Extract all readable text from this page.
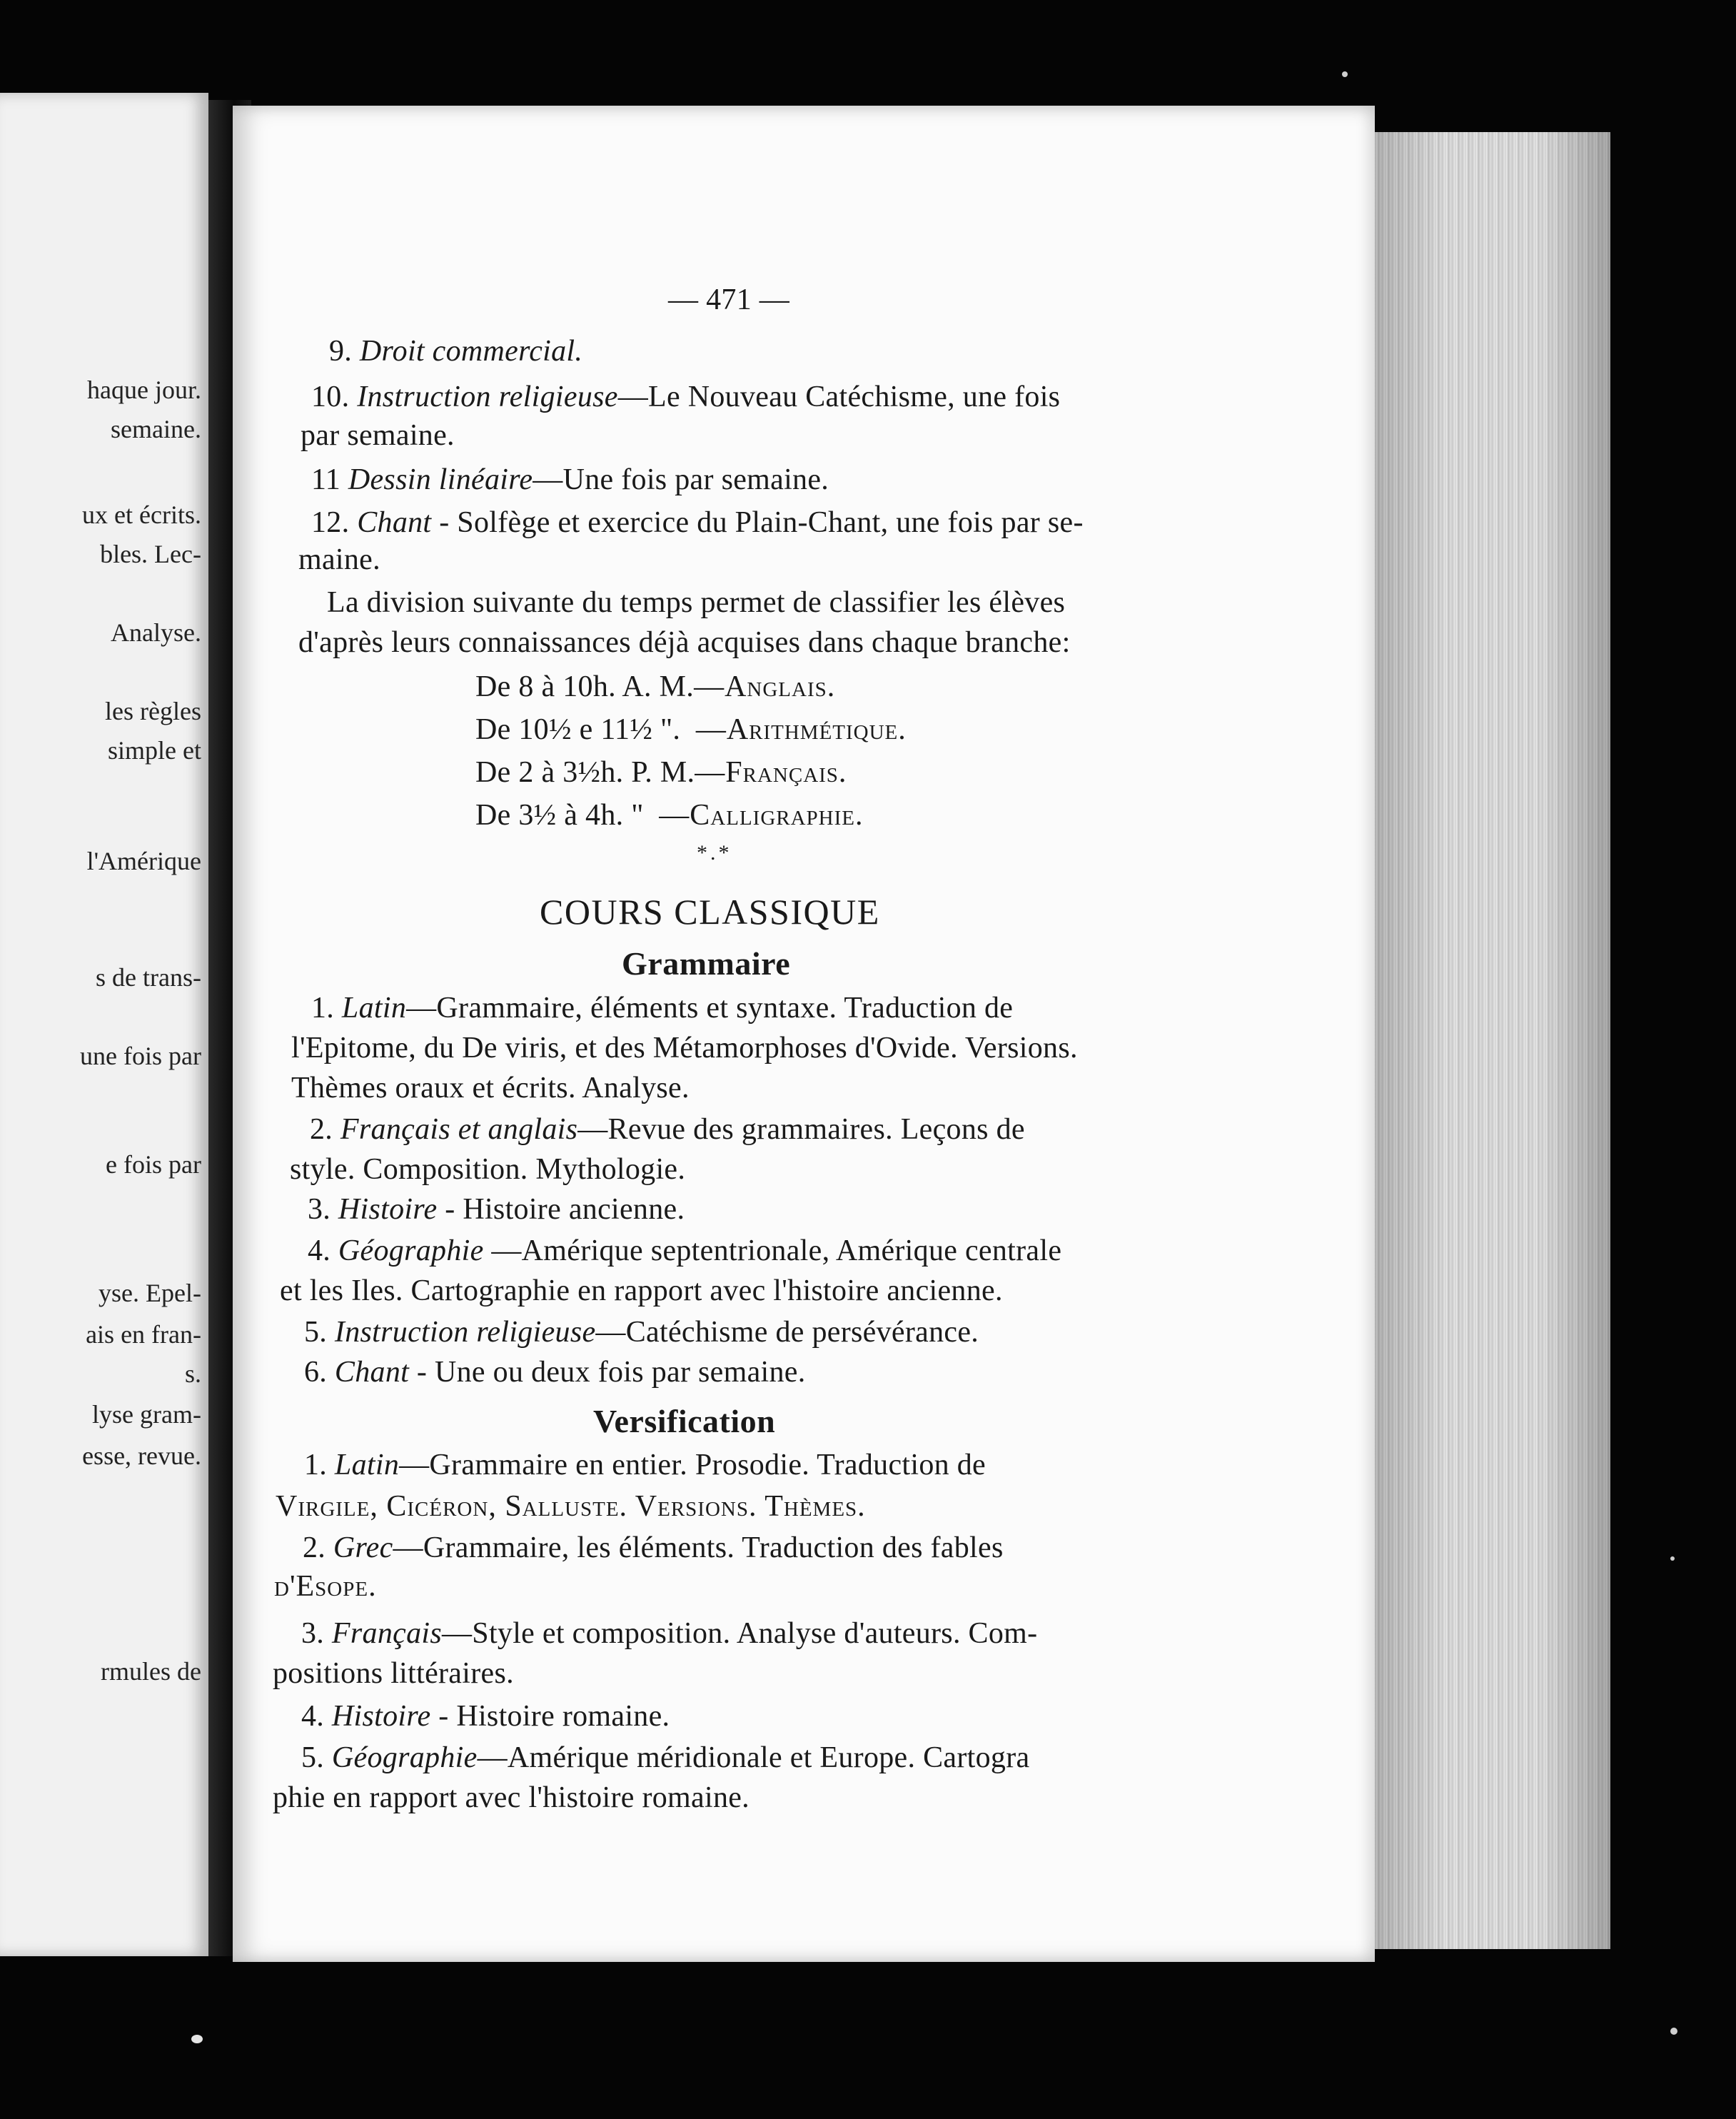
haque jour.
semaine.
ux et écrits.
bles. Lec-
Analyse.
les règles
simple et
l'Amérique
s de trans-
une fois par
e fois par
yse. Epel-
ais en fran-
s.
lyse gram-
esse, revue.
rmules de
— 471 —
9. Droit commercial.
10. Instruction religieuse—Le Nouveau Catéchisme, une fois
par semaine.
11 Dessin linéaire—Une fois par semaine.
12. Chant - Solfège et exercice du Plain-Chant, une fois par se-
maine.
La division suivante du temps permet de classifier les élèves
d'après leurs connaissances déjà acquises dans chaque branche:
De 8 à 10h. A. M.—Anglais.
De 10½ e 11½ ". —Arithmétique.
De 2 à 3½h. P. M.—Français.
De 3½ à 4h. " —Calligraphie.
*.*
COURS CLASSIQUE
Grammaire
1. Latin—Grammaire, éléments et syntaxe. Traduction de
l'Epitome, du De viris, et des Métamorphoses d'Ovide. Versions.
Thèmes oraux et écrits. Analyse.
2. Français et anglais—Revue des grammaires. Leçons de
style. Composition. Mythologie.
3. Histoire - Histoire ancienne.
4. Géographie —Amérique septentrionale, Amérique centrale
et les Iles. Cartographie en rapport avec l'histoire ancienne.
5. Instruction religieuse—Catéchisme de persévérance.
6. Chant - Une ou deux fois par semaine.
Versification
1. Latin—Grammaire en entier. Prosodie. Traduction de
Virgile, Cicéron, Salluste. Versions. Thèmes.
2. Grec—Grammaire, les éléments. Traduction des fables
d'Esope.
3. Français—Style et composition. Analyse d'auteurs. Com-
positions littéraires.
4. Histoire - Histoire romaine.
5. Géographie—Amérique méridionale et Europe. Cartogra
phie en rapport avec l'histoire romaine.
